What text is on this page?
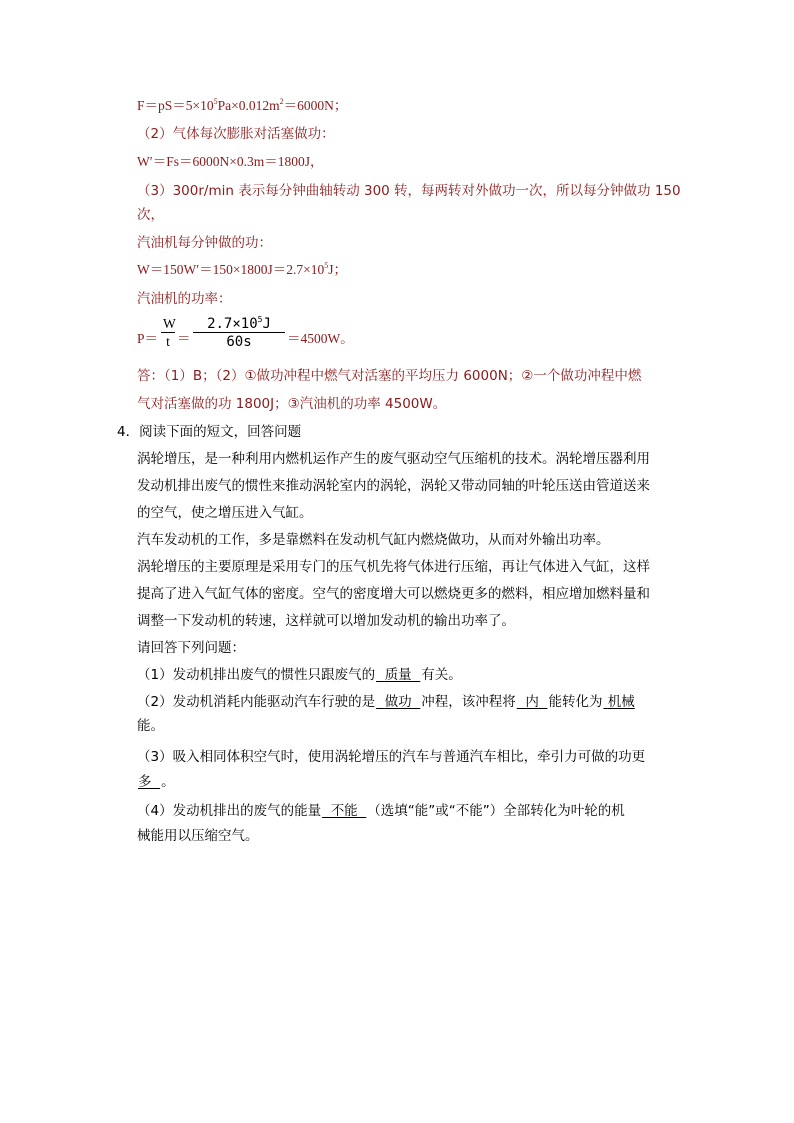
$F=pS=5\times 10^5Pa\times 0.012m^2=6000N$；
（2）气体每次膨胀对活塞做功：
W′＝Fs＝6000N×0.3m＝1800J，
（3）300r/min 表示每分钟曲轴转动 300 转，每两转对外做功一次，所以每分钟做功 150
次，
汽油机每分钟做的功：
$W=150W'=150\times 1800J=2.7\times 10^5J$；
汽油机的功率：
P＝
W
t ＝
$2.7\times 10^5J$
60s	＝4500W。
答：（1）B；（2）①做功冲程中燃气对活塞的平均压力 6000N；②一个做功冲程中燃
气对活塞做的功 1800J；③汽油机的功率 4500W。
4．阅读下面的短文，回答问题
涡轮增压，是一种利用内燃机运作产生的废气驱动空气压缩机的技术。涡轮增压器利用
发动机排出废气的惯性来推动涡轮室内的涡轮，涡轮又带动同轴的叶轮压送由管道送来
的空气，使之增压进入气缸。
汽车发动机的工作，多是靠燃料在发动机气缸内燃烧做功，从而对外输出功率。
涡轮增压的主要原理是采用专门的压气机先将气体进行压缩，再让气体进入气缸，这样
提高了进入气缸气体的密度。空气的密度增大可以燃烧更多的燃料，相应增加燃料量和
调整一下发动机的转速，这样就可以增加发动机的输出功率了。
请回答下列问题：
（1）发动机排出废气的惯性只跟废气的 质量 有关。
（2）发动机消耗内能驱动汽车行驶的是 做功 冲程，该冲程将 内 能转化为 机械
能。
（3）吸入相同体积空气时，使用涡轮增压的汽车与普通汽车相比，牵引力可做的功更
多 。
（4）发动机排出的废气的能量 不能 （选填“能”或“不能”）全部转化为叶轮的机
械能用以压缩空气。
